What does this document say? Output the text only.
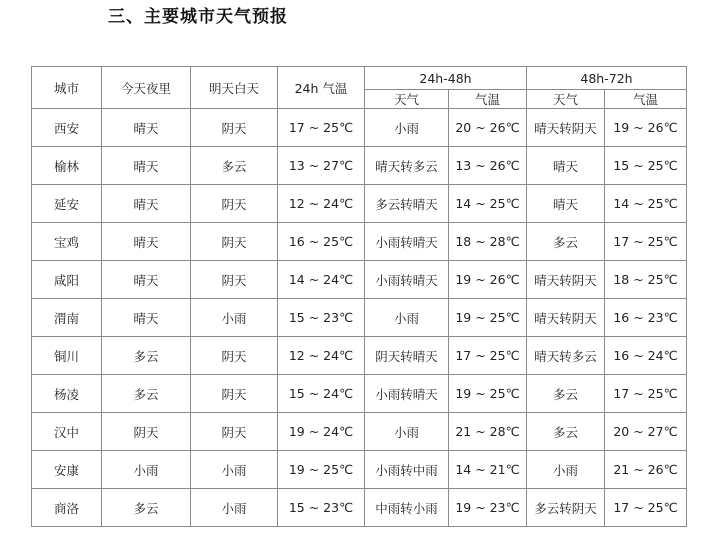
三、主要城市天气预报
城市	今天夜里	明天白天	24h 气温	24h-48h		48h-72h	
				天气	气温	天气	气温
西安	晴天	阴天	17 ~ 25℃	小雨	20 ~ 26℃	晴天转阴天	19 ~ 26℃
榆林	晴天	多云	13 ~ 27℃	晴天转多云	13 ~ 26℃	晴天	15 ~ 25℃
延安	晴天	阴天	12 ~ 24℃	多云转晴天	14 ~ 25℃	晴天	14 ~ 25℃
宝鸡	晴天	阴天	16 ~ 25℃	小雨转晴天	18 ~ 28℃	多云	17 ~ 25℃
咸阳	晴天	阴天	14 ~ 24℃	小雨转晴天	19 ~ 26℃	晴天转阴天	18 ~ 25℃
渭南	晴天	小雨	15 ~ 23℃	小雨	19 ~ 25℃	晴天转阴天	16 ~ 23℃
铜川	多云	阴天	12 ~ 24℃	阴天转晴天	17 ~ 25℃	晴天转多云	16 ~ 24℃
杨凌	多云	阴天	15 ~ 24℃	小雨转晴天	19 ~ 25℃	多云	17 ~ 25℃
汉中	阴天	阴天	19 ~ 24℃	小雨	21 ~ 28℃	多云	20 ~ 27℃
安康	小雨	小雨	19 ~ 25℃	小雨转中雨	14 ~ 21℃	小雨	21 ~ 26℃
商洛	多云	小雨	15 ~ 23℃	中雨转小雨	19 ~ 23℃	多云转阴天	17 ~ 25℃
